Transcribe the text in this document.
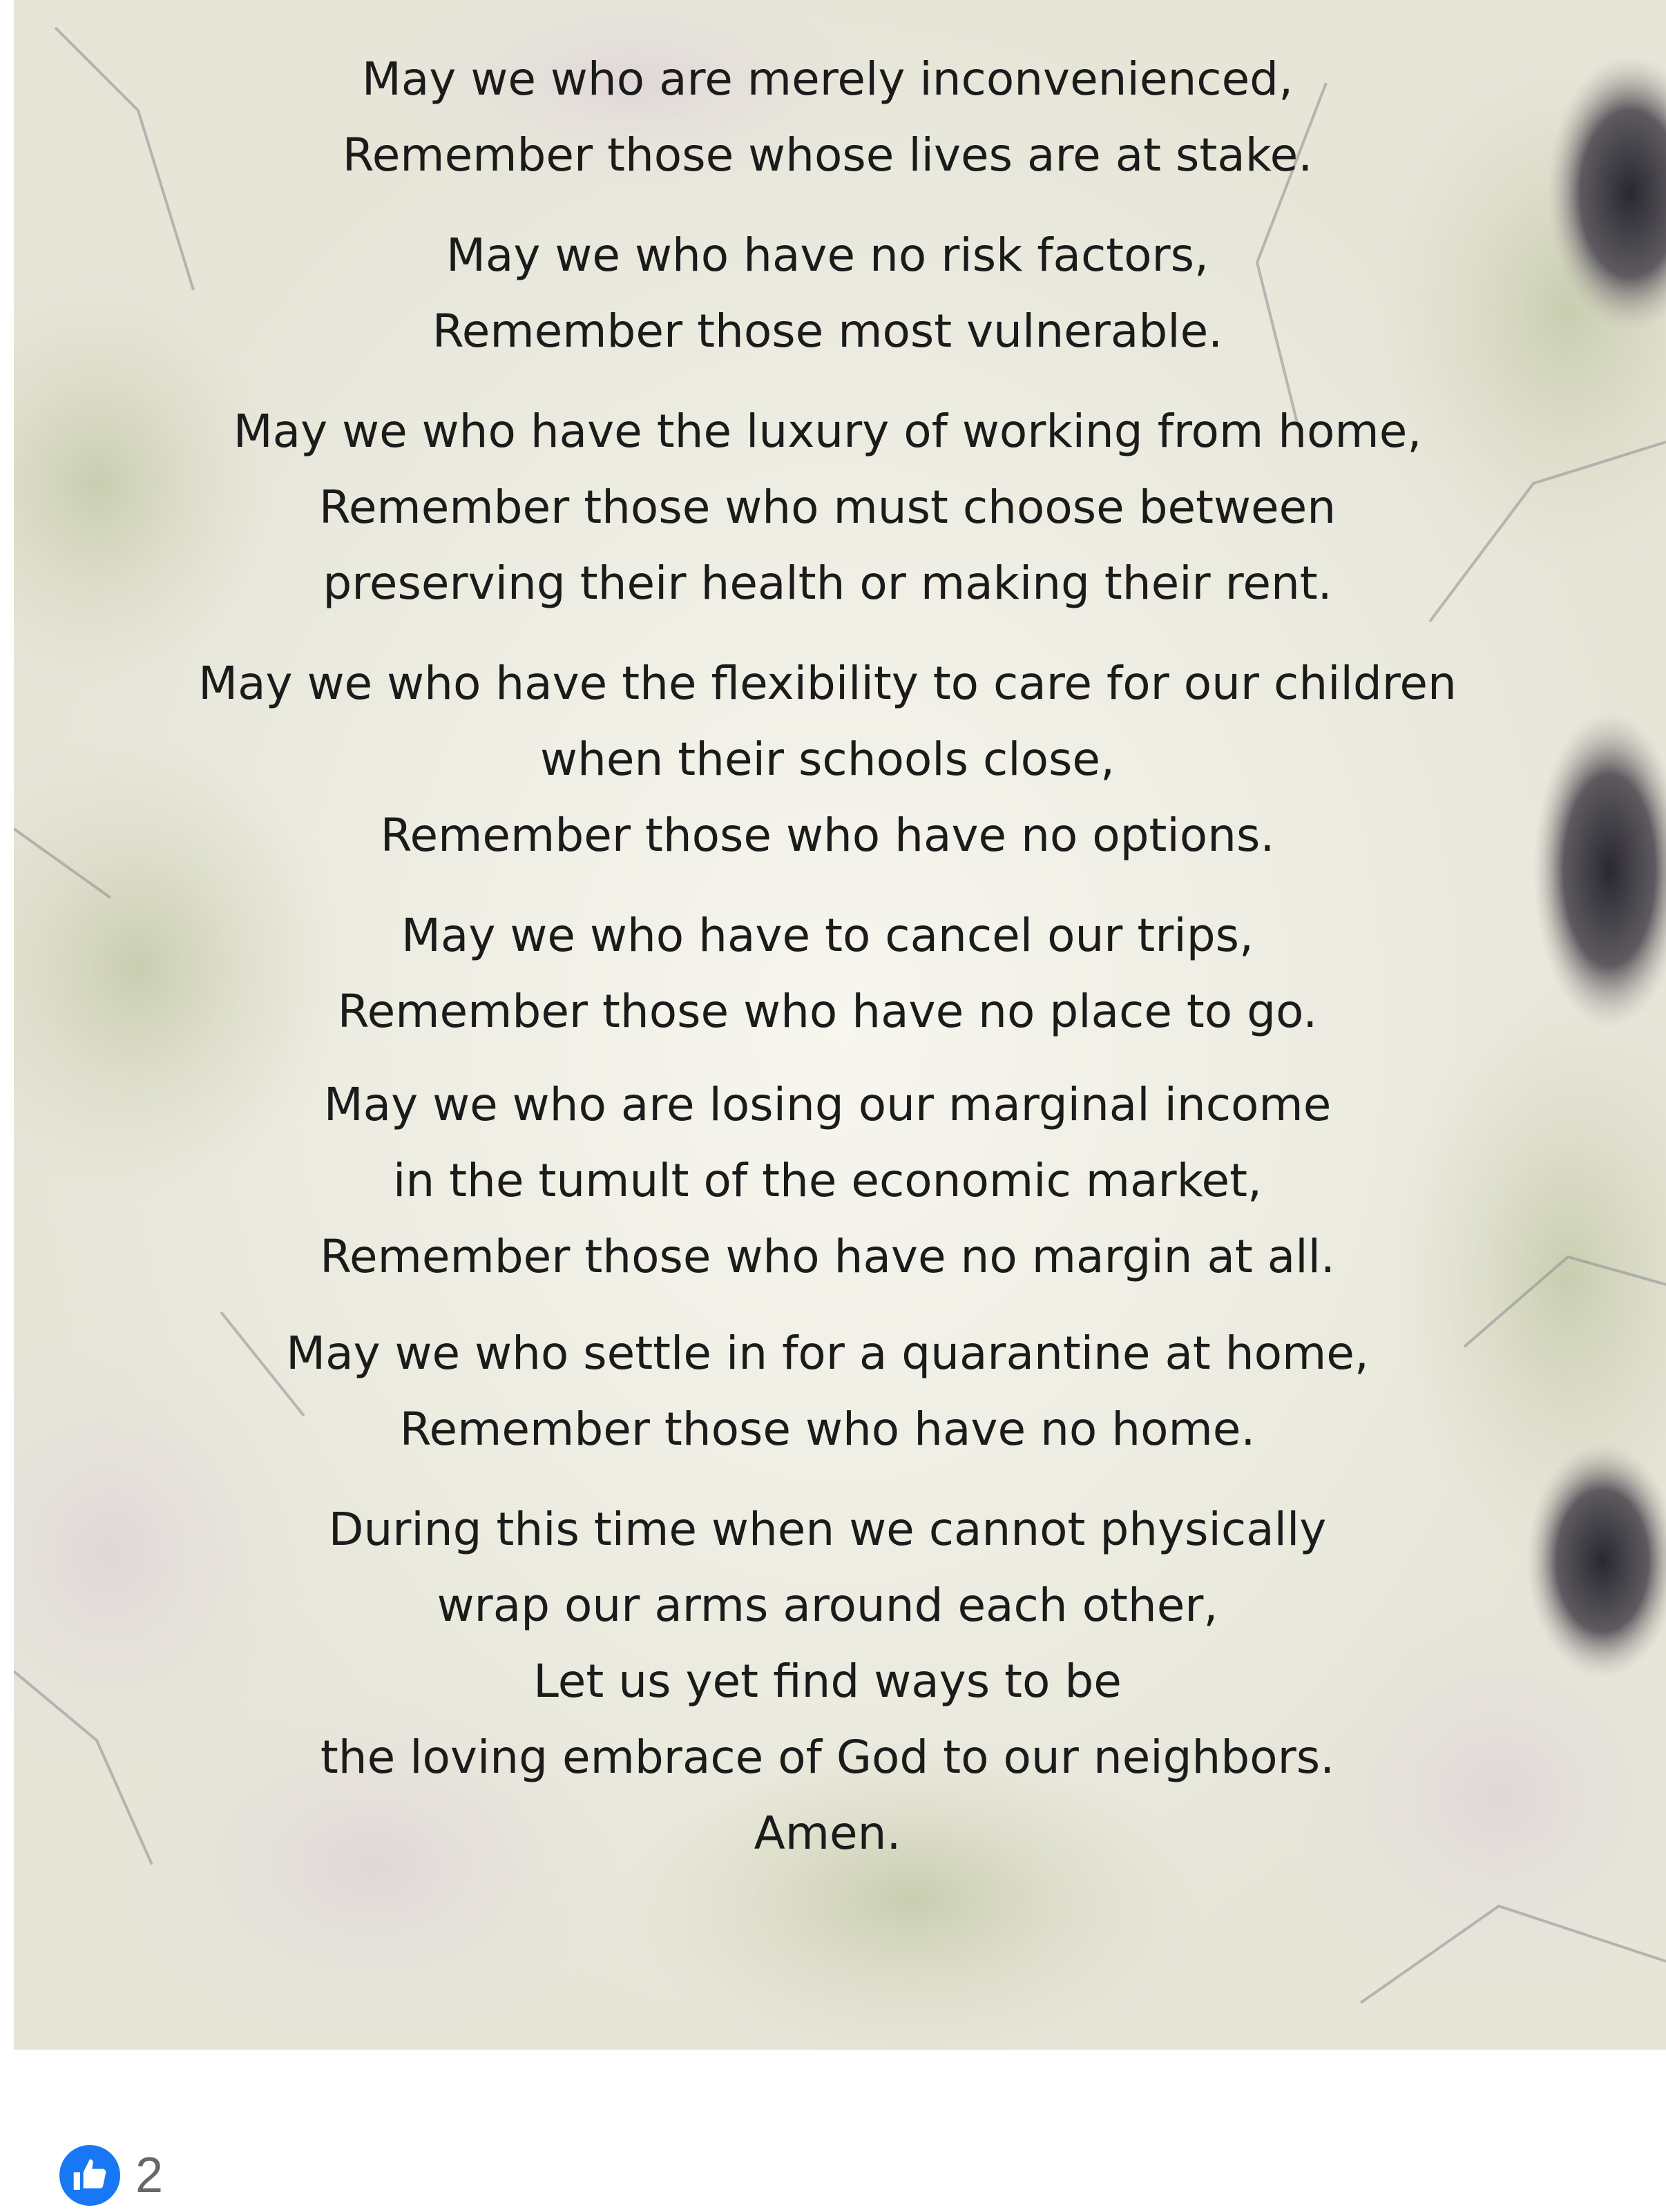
May we who are merely inconvenienced,
Remember those whose lives are at stake.
May we who have no risk factors,
Remember those most vulnerable.
May we who have the luxury of working from home,
Remember those who must choose between
preserving their health or making their rent.
May we who have the flexibility to care for our children
when their schools close,
Remember those who have no options.
May we who have to cancel our trips,
Remember those who have no place to go.
May we who are losing our marginal income
in the tumult of the economic market,
Remember those who have no margin at all.
May we who settle in for a quarantine at home,
Remember those who have no home.
During this time when we cannot physically
wrap our arms around each other,
Let us yet find ways to be
the loving embrace of God to our neighbors.
Amen.
2
